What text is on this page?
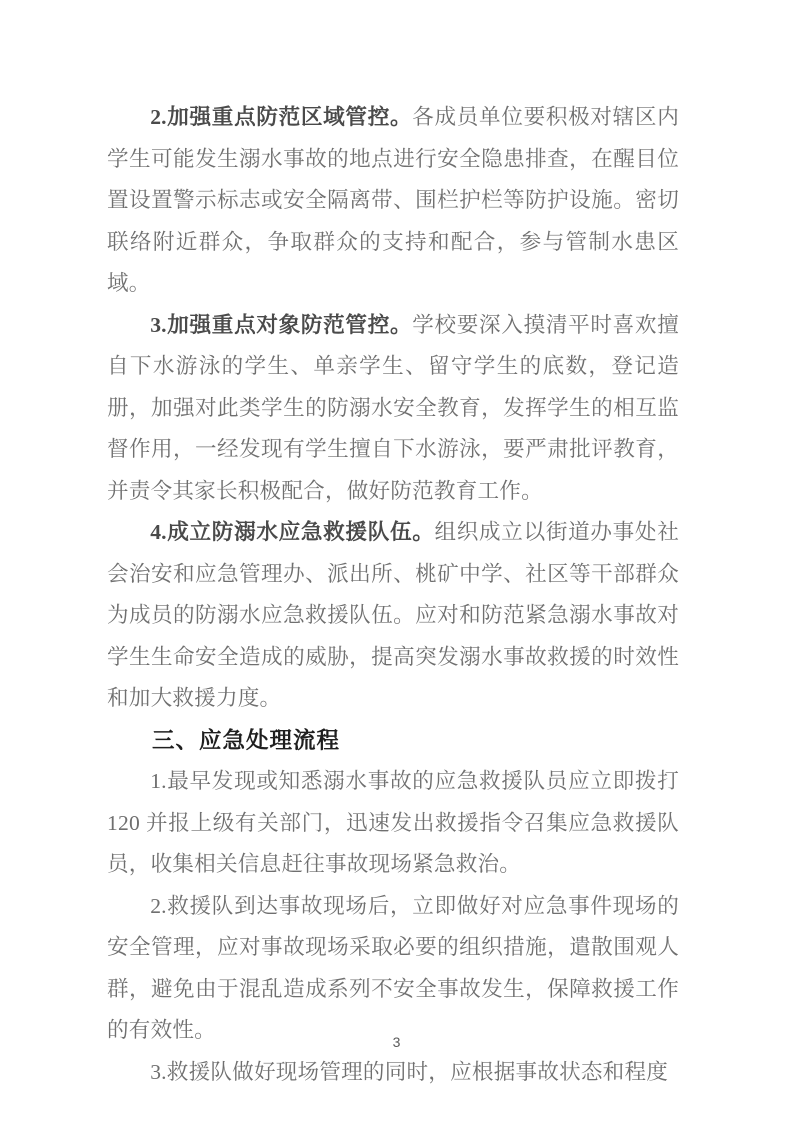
2.加强重点防范区域管控。各成员单位要积极对辖区内学生可能发生溺水事故的地点进行安全隐患排查，在醒目位置设置警示标志或安全隔离带、围栏护栏等防护设施。密切联络附近群众，争取群众的支持和配合，参与管制水患区域。

3.加强重点对象防范管控。学校要深入摸清平时喜欢擅自下水游泳的学生、单亲学生、留守学生的底数，登记造册，加强对此类学生的防溺水安全教育，发挥学生的相互监督作用，一经发现有学生擅自下水游泳，要严肃批评教育，并责令其家长积极配合，做好防范教育工作。

4.成立防溺水应急救援队伍。组织成立以街道办事处社会治安和应急管理办、派出所、桃矿中学、社区等干部群众为成员的防溺水应急救援队伍。应对和防范紧急溺水事故对学生生命安全造成的威胁，提高突发溺水事故救援的时效性和加大救援力度。

三、应急处理流程

1.最早发现或知悉溺水事故的应急救援队员应立即拨打 120 并报上级有关部门，迅速发出救援指令召集应急救援队员，收集相关信息赶往事故现场紧急救治。

2.救援队到达事故现场后，立即做好对应急事件现场的安全管理，应对事故现场采取必要的组织措施，遣散围观人群，避免由于混乱造成系列不安全事故发生，保障救援工作的有效性。

3.救援队做好现场管理的同时，应根据事故状态和程度

3
